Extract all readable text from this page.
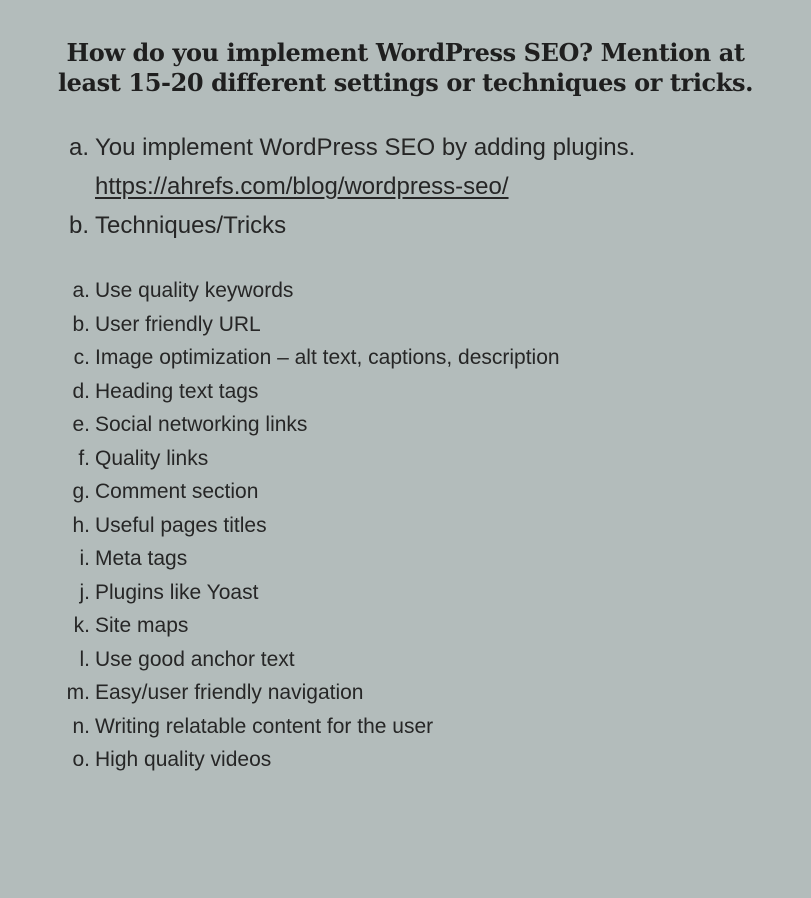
How do you implement WordPress SEO? Mention at
least 15-20 different settings or techniques or tricks.
a. You implement WordPress SEO by adding plugins. https://ahrefs.com/blog/wordpress-seo/
b. Techniques/Tricks
a. Use quality keywords
b. User friendly URL
c. Image optimization – alt text, captions, description
d. Heading text tags
e. Social networking links
f. Quality links
g. Comment section
h. Useful pages titles
i. Meta tags
j. Plugins like Yoast
k. Site maps
l. Use good anchor text
m. Easy/user friendly navigation
n. Writing relatable content for the user
o. High quality videos
